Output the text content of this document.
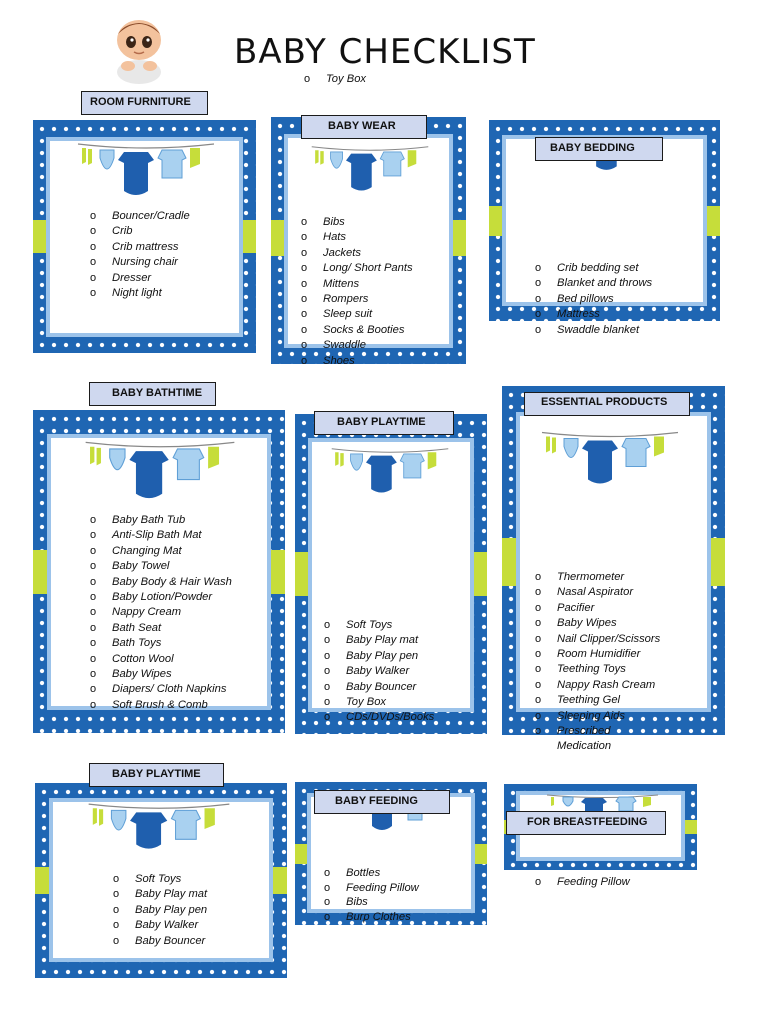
BABY CHECKLIST
o Toy Box
ROOM FURNITURE
BABY WEAR
BABY BEDDING
BABY BATHTIME
BABY PLAYTIME
ESSENTIAL PRODUCTS
BABY PLAYTIME
BABY FEEDING
FOR BREASTFEEDING
o Bouncer/Cradle
o Crib
o Crib mattress
o Nursing chair
o Dresser
o Night light
o Bibs
o Hats
o Jackets
o Long/ Short Pants
o Mittens
o Rompers
o Sleep suit
o Socks & Booties
o Swaddle
o Shoes
o Crib bedding set
o Blanket and throws
o Bed pillows
o Mattress
o Swaddle blanket
o Baby Bath Tub
o Anti-Slip Bath Mat
o Changing Mat
o Baby Towel
o Baby Body & Hair Wash
o Baby Lotion/Powder
o Nappy Cream
o Bath Seat
o Bath Toys
o Cotton Wool
o Baby Wipes
o Diapers/ Cloth Napkins
o Soft Brush & Comb
o Soft Toys
o Baby Play mat
o Baby Play pen
o Baby Walker
o Baby Bouncer
o Toy Box
o CDs/DVDs/Books
o Thermometer
o Nasal Aspirator
o Pacifier
o Baby Wipes
o Nail Clipper/Scissors
o Room Humidifier
o Teething Toys
o Nappy Rash Cream
o Teething Gel
o Sleeping Aids
o Prescribed
Medication
o Soft Toys
o Baby Play mat
o Baby Play pen
o Baby Walker
o Baby Bouncer
o Bottles
o Feeding Pillow
o Bibs
o Burp Clothes
o Feeding Pillow
